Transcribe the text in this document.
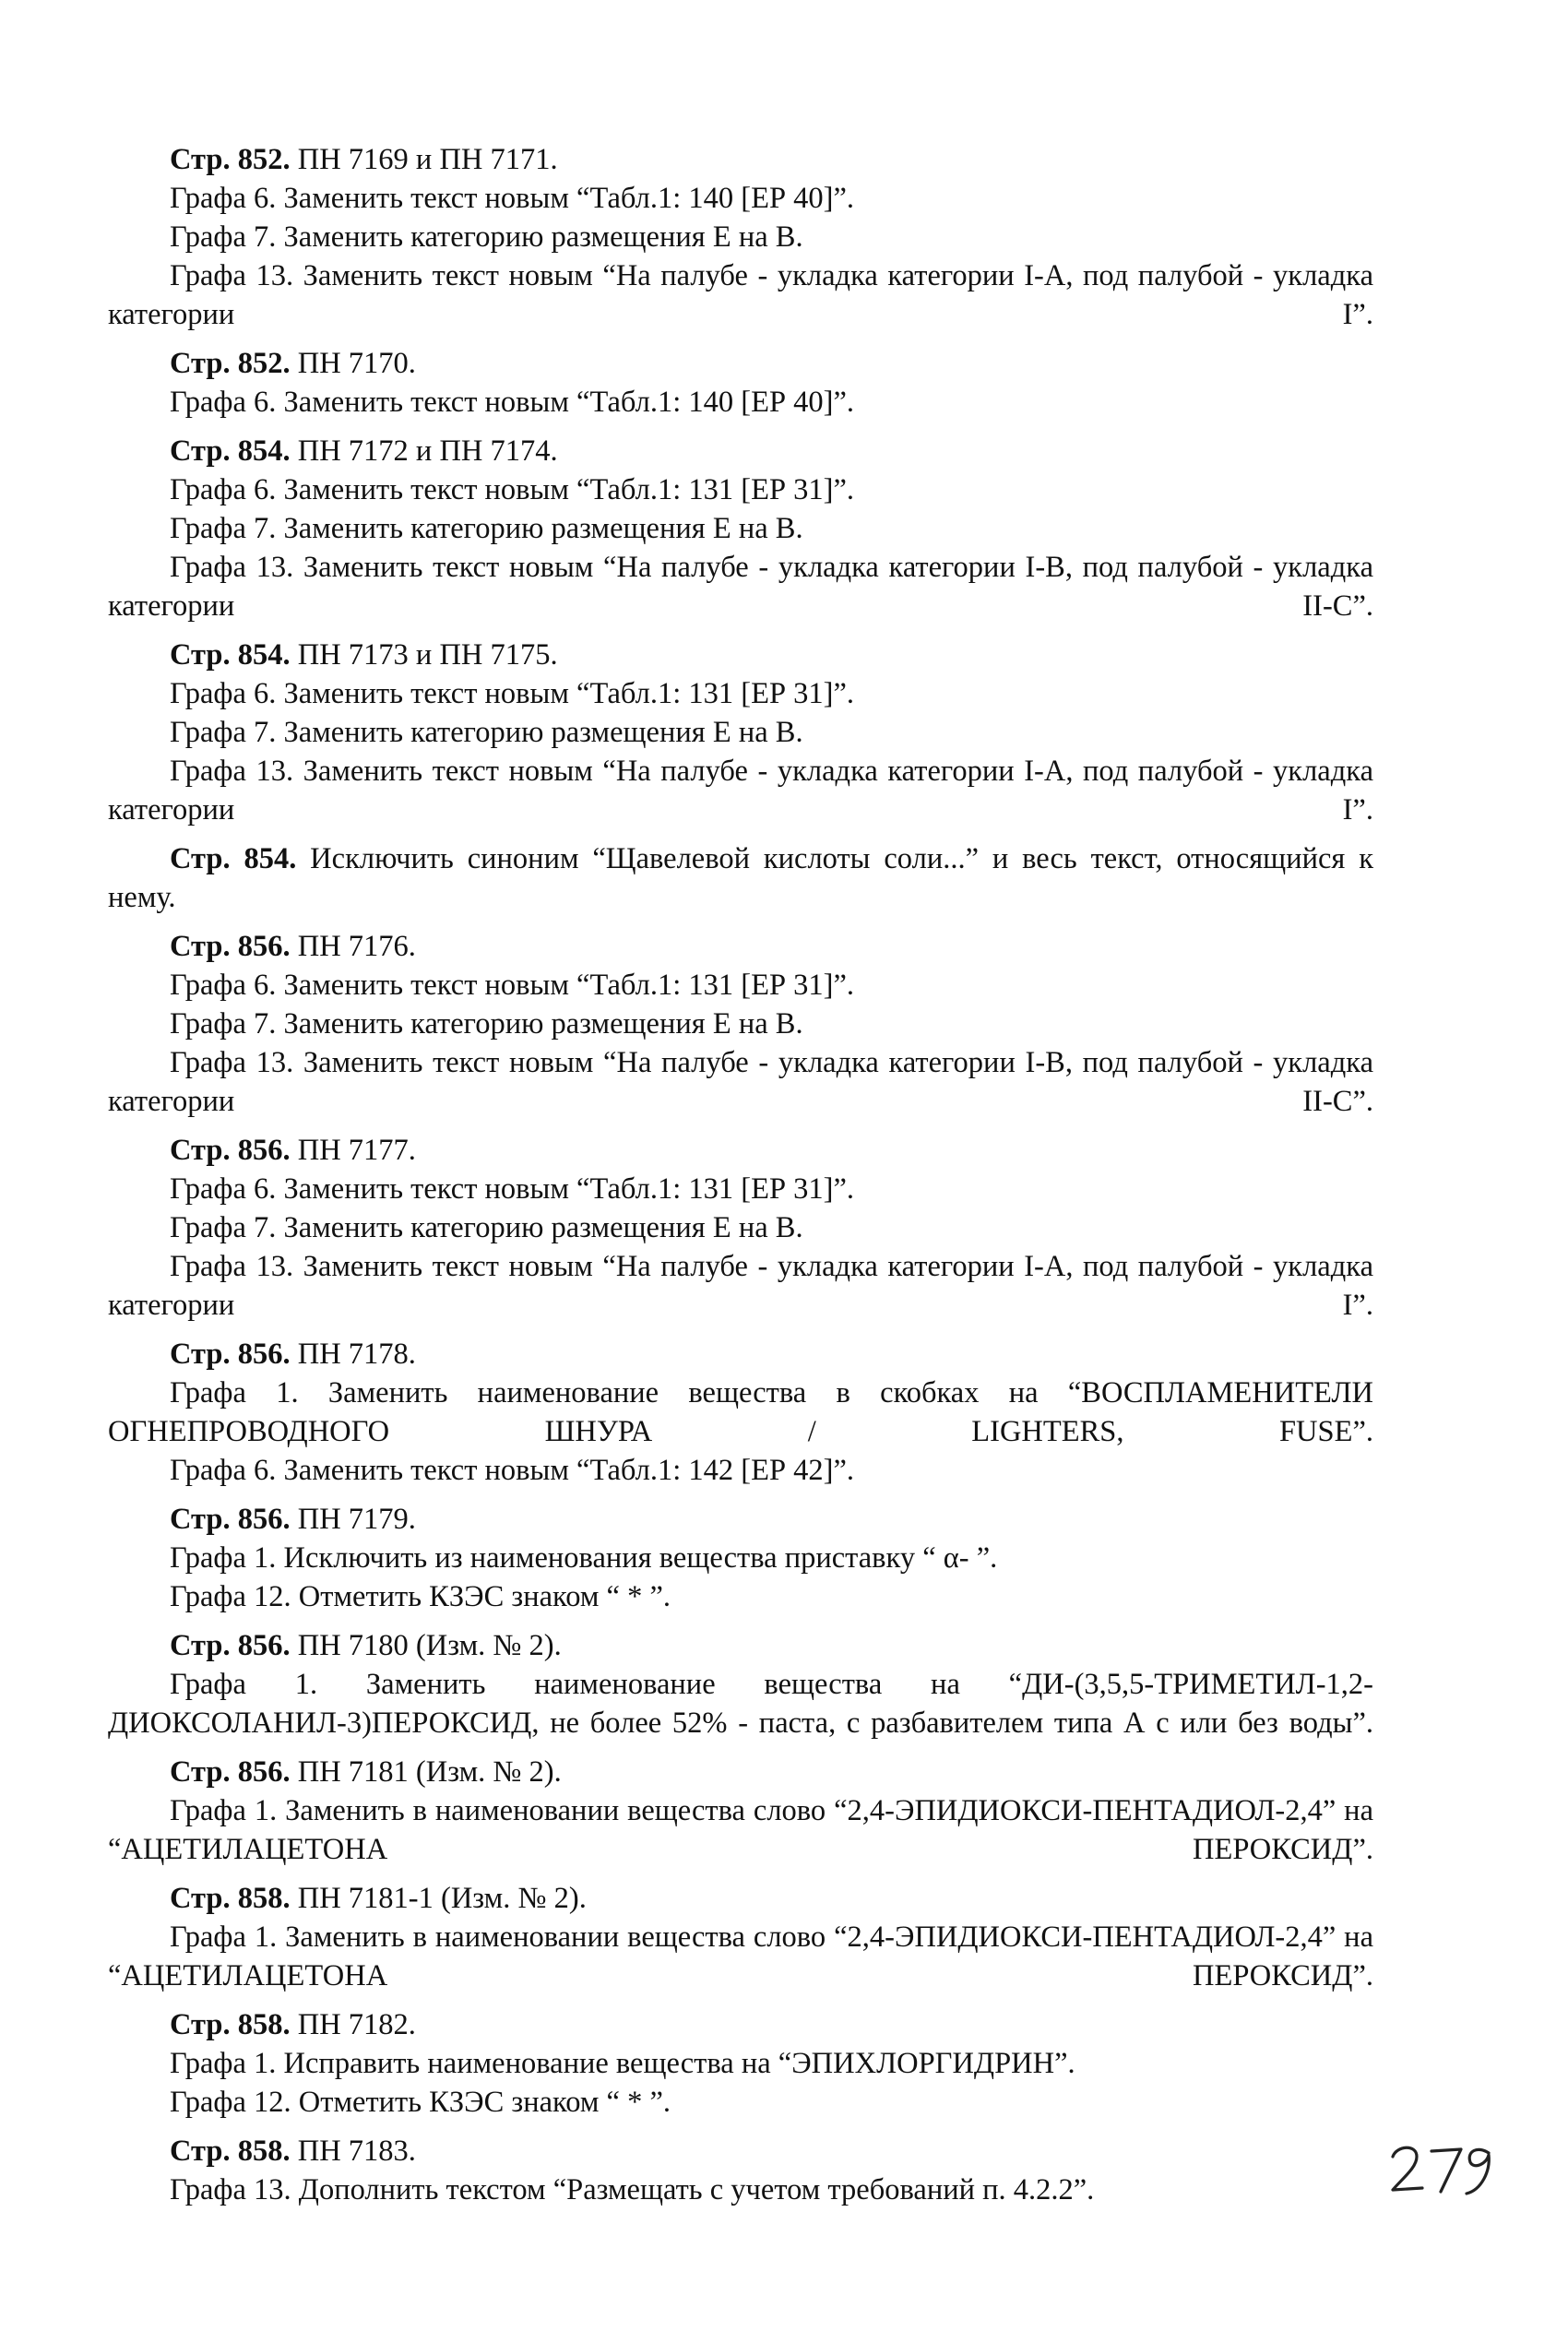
Стр. 852. ПН 7169 и ПН 7171.

Графа 6. Заменить текст новым “Табл.1: 140 [ЕР 40]”.

Графа 7. Заменить категорию размещения Е на В.

Графа 13. Заменить текст новым “На палубе - укладка категории I-А, под палубой - укладка категории I”.

Стр. 852. ПН 7170.

Графа 6. Заменить текст новым “Табл.1: 140 [ЕР 40]”.

Стр. 854. ПН 7172 и ПН 7174.

Графа 6. Заменить текст новым “Табл.1: 131 [ЕР 31]”.

Графа 7. Заменить категорию размещения Е на В.

Графа 13. Заменить текст новым “На палубе - укладка категории I-В, под палубой - укладка категории II-С”.

Стр. 854. ПН 7173 и ПН 7175.

Графа 6. Заменить текст новым “Табл.1: 131 [ЕР 31]”.

Графа 7. Заменить категорию размещения Е на В.

Графа 13. Заменить текст новым “На палубе - укладка категории I-А, под палубой - укладка категории I”.

Стр. 854. Исключить синоним “Щавелевой кислоты соли...” и весь текст, относящийся к нему.

Стр. 856. ПН 7176.

Графа 6. Заменить текст новым “Табл.1: 131 [ЕР 31]”.

Графа 7. Заменить категорию размещения Е на В.

Графа 13. Заменить текст новым “На палубе - укладка категории I-В, под палубой - укладка категории II-С”.

Стр. 856. ПН 7177.

Графа 6. Заменить текст новым “Табл.1: 131 [ЕР 31]”.

Графа 7. Заменить категорию размещения Е на В.

Графа 13. Заменить текст новым “На палубе - укладка категории I-А, под палубой - укладка категории I”.

Стр. 856. ПН 7178.

Графа 1. Заменить наименование вещества в скобках на “ВОСПЛАМЕНИТЕЛИ ОГНЕПРОВОДНОГО ШНУРА / LIGHTERS, FUSE”.

Графа 6. Заменить текст новым “Табл.1: 142 [ЕР 42]”.

Стр. 856. ПН 7179.

Графа 1. Исключить из наименования вещества приставку “ α- ”.

Графа 12. Отметить КЗЭС знаком “ * ”.

Стр. 856. ПН 7180 (Изм. № 2).

Графа 1. Заменить наименование вещества на “ДИ-(3,5,5-ТРИМЕТИЛ-1,2-ДИОКСОЛАНИЛ-3)ПЕРОКСИД, не более 52% - паста, с разбавителем типа А с или без воды”.

Стр. 856. ПН 7181 (Изм. № 2).

Графа 1. Заменить в наименовании вещества слово “2,4-ЭПИДИОКСИ-ПЕНТАДИОЛ-2,4” на “АЦЕТИЛАЦЕТОНА ПЕРОКСИД”.

Стр. 858. ПН 7181-1 (Изм. № 2).

Графа 1. Заменить в наименовании вещества слово “2,4-ЭПИДИОКСИ-ПЕНТАДИОЛ-2,4” на “АЦЕТИЛАЦЕТОНА ПЕРОКСИД”.

Стр. 858. ПН 7182.

Графа 1. Исправить наименование вещества на “ЭПИХЛОРГИДРИН”.

Графа 12. Отметить КЗЭС знаком “ * ”.

Стр. 858. ПН 7183.

Графа 13. Дополнить текстом “Размещать с учетом требований п. 4.2.2”.
